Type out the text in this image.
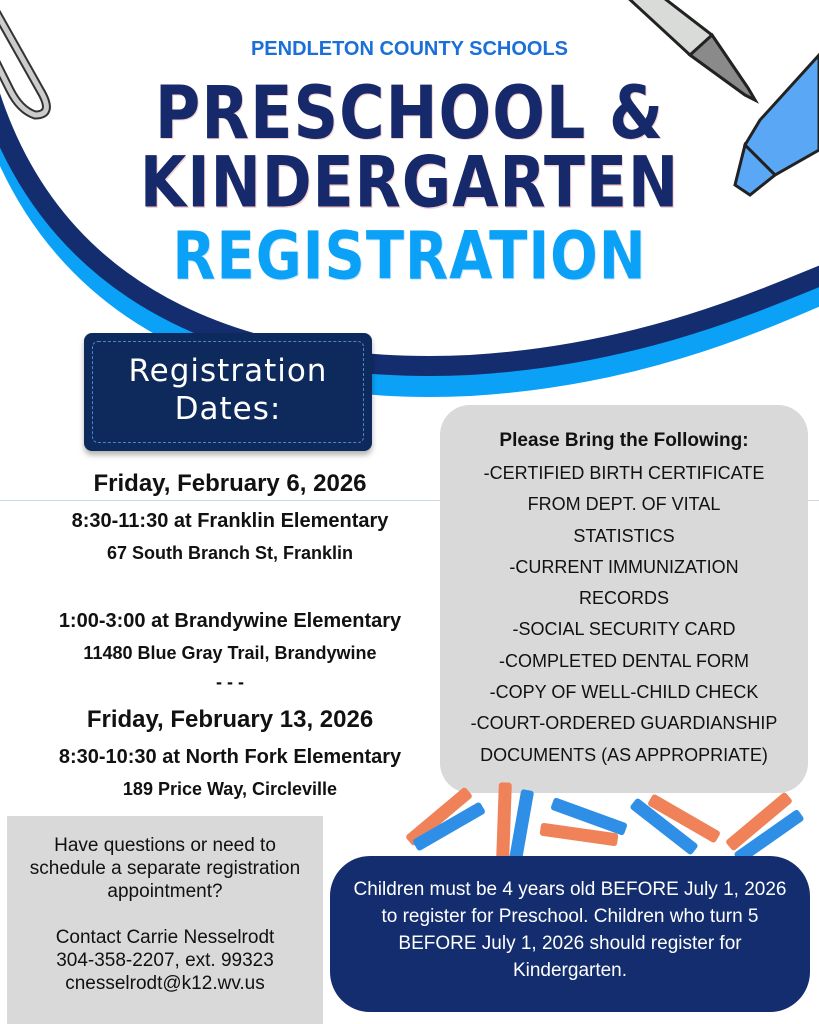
PENDLETON COUNTY SCHOOLS
PRESCHOOL &
KINDERGARTEN
REGISTRATION
Registration
Dates:
Friday, February 6, 2026
8:30-11:30 at Franklin Elementary
67 South Branch St, Franklin
1:00-3:00 at Brandywine Elementary
11480 Blue Gray Trail, Brandywine
- - -
Friday, February 13, 2026
8:30-10:30 at North Fork Elementary
189 Price Way, Circleville
Please Bring the Following:
-CERTIFIED BIRTH CERTIFICATE
FROM DEPT. OF VITAL
STATISTICS
-CURRENT IMMUNIZATION
RECORDS
-SOCIAL SECURITY CARD
-COMPLETED DENTAL FORM
-COPY OF WELL-CHILD CHECK
-COURT-ORDERED GUARDIANSHIP
DOCUMENTS (AS APPROPRIATE)
Have questions or need to schedule a separate registration appointment?
Contact Carrie Nesselrodt
304-358-2207, ext. 99323
cnesselrodt@k12.wv.us
Children must be 4 years old BEFORE July 1, 2026 to register for Preschool. Children who turn 5 BEFORE July 1, 2026 should register for Kindergarten.
